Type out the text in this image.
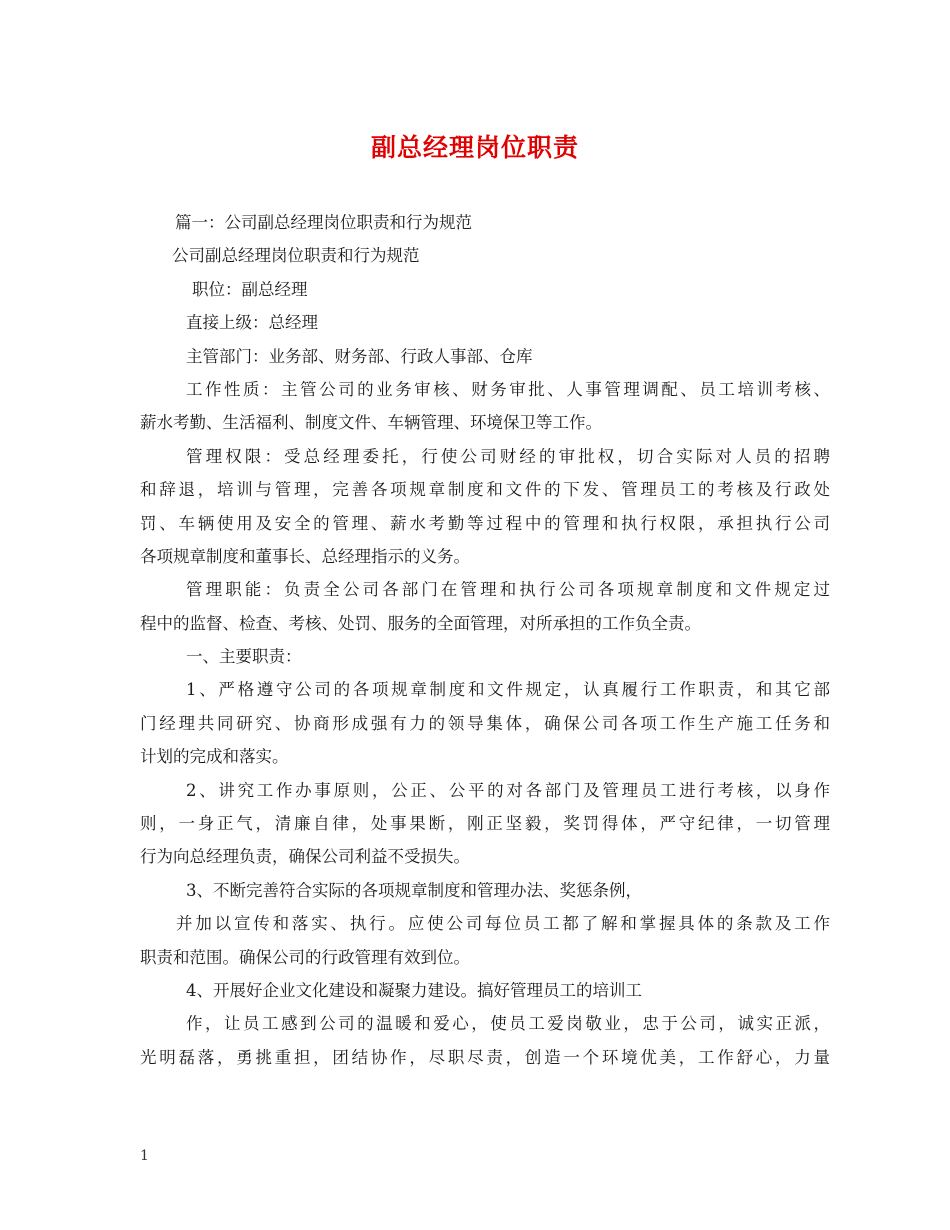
副总经理岗位职责
篇一：公司副总经理岗位职责和行为规范
公司副总经理岗位职责和行为规范
职位：副总经理
直接上级：总经理
主管部门：业务部、财务部、行政人事部、仓库
工作性质：主管公司的业务审核、财务审批、人事管理调配、员工培训考核、
薪水考勤、生活福利、制度文件、车辆管理、环境保卫等工作。
管理权限：受总经理委托，行使公司财经的审批权，切合实际对人员的招聘
和辞退，培训与管理，完善各项规章制度和文件的下发、管理员工的考核及行政处
罚、车辆使用及安全的管理、薪水考勤等过程中的管理和执行权限，承担执行公司
各项规章制度和董事长、总经理指示的义务。
管理职能：负责全公司各部门在管理和执行公司各项规章制度和文件规定过
程中的监督、检查、考核、处罚、服务的全面管理，对所承担的工作负全责。
一、主要职责：
1、严格遵守公司的各项规章制度和文件规定，认真履行工作职责，和其它部
门经理共同研究、协商形成强有力的领导集体，确保公司各项工作生产施工任务和
计划的完成和落实。
2、讲究工作办事原则，公正、公平的对各部门及管理员工进行考核，以身作
则，一身正气，清廉自律，处事果断，刚正坚毅，奖罚得体，严守纪律，一切管理
行为向总经理负责，确保公司利益不受损失。
3、不断完善符合实际的各项规章制度和管理办法、奖惩条例，
并加以宣传和落实、执行。应使公司每位员工都了解和掌握具体的条款及工作
职责和范围。确保公司的行政管理有效到位。
4、开展好企业文化建设和凝聚力建设。搞好管理员工的培训工
作，让员工感到公司的温暖和爱心，使员工爱岗敬业，忠于公司，诚实正派，
光明磊落，勇挑重担，团结协作，尽职尽责，创造一个环境优美，工作舒心，力量
1
